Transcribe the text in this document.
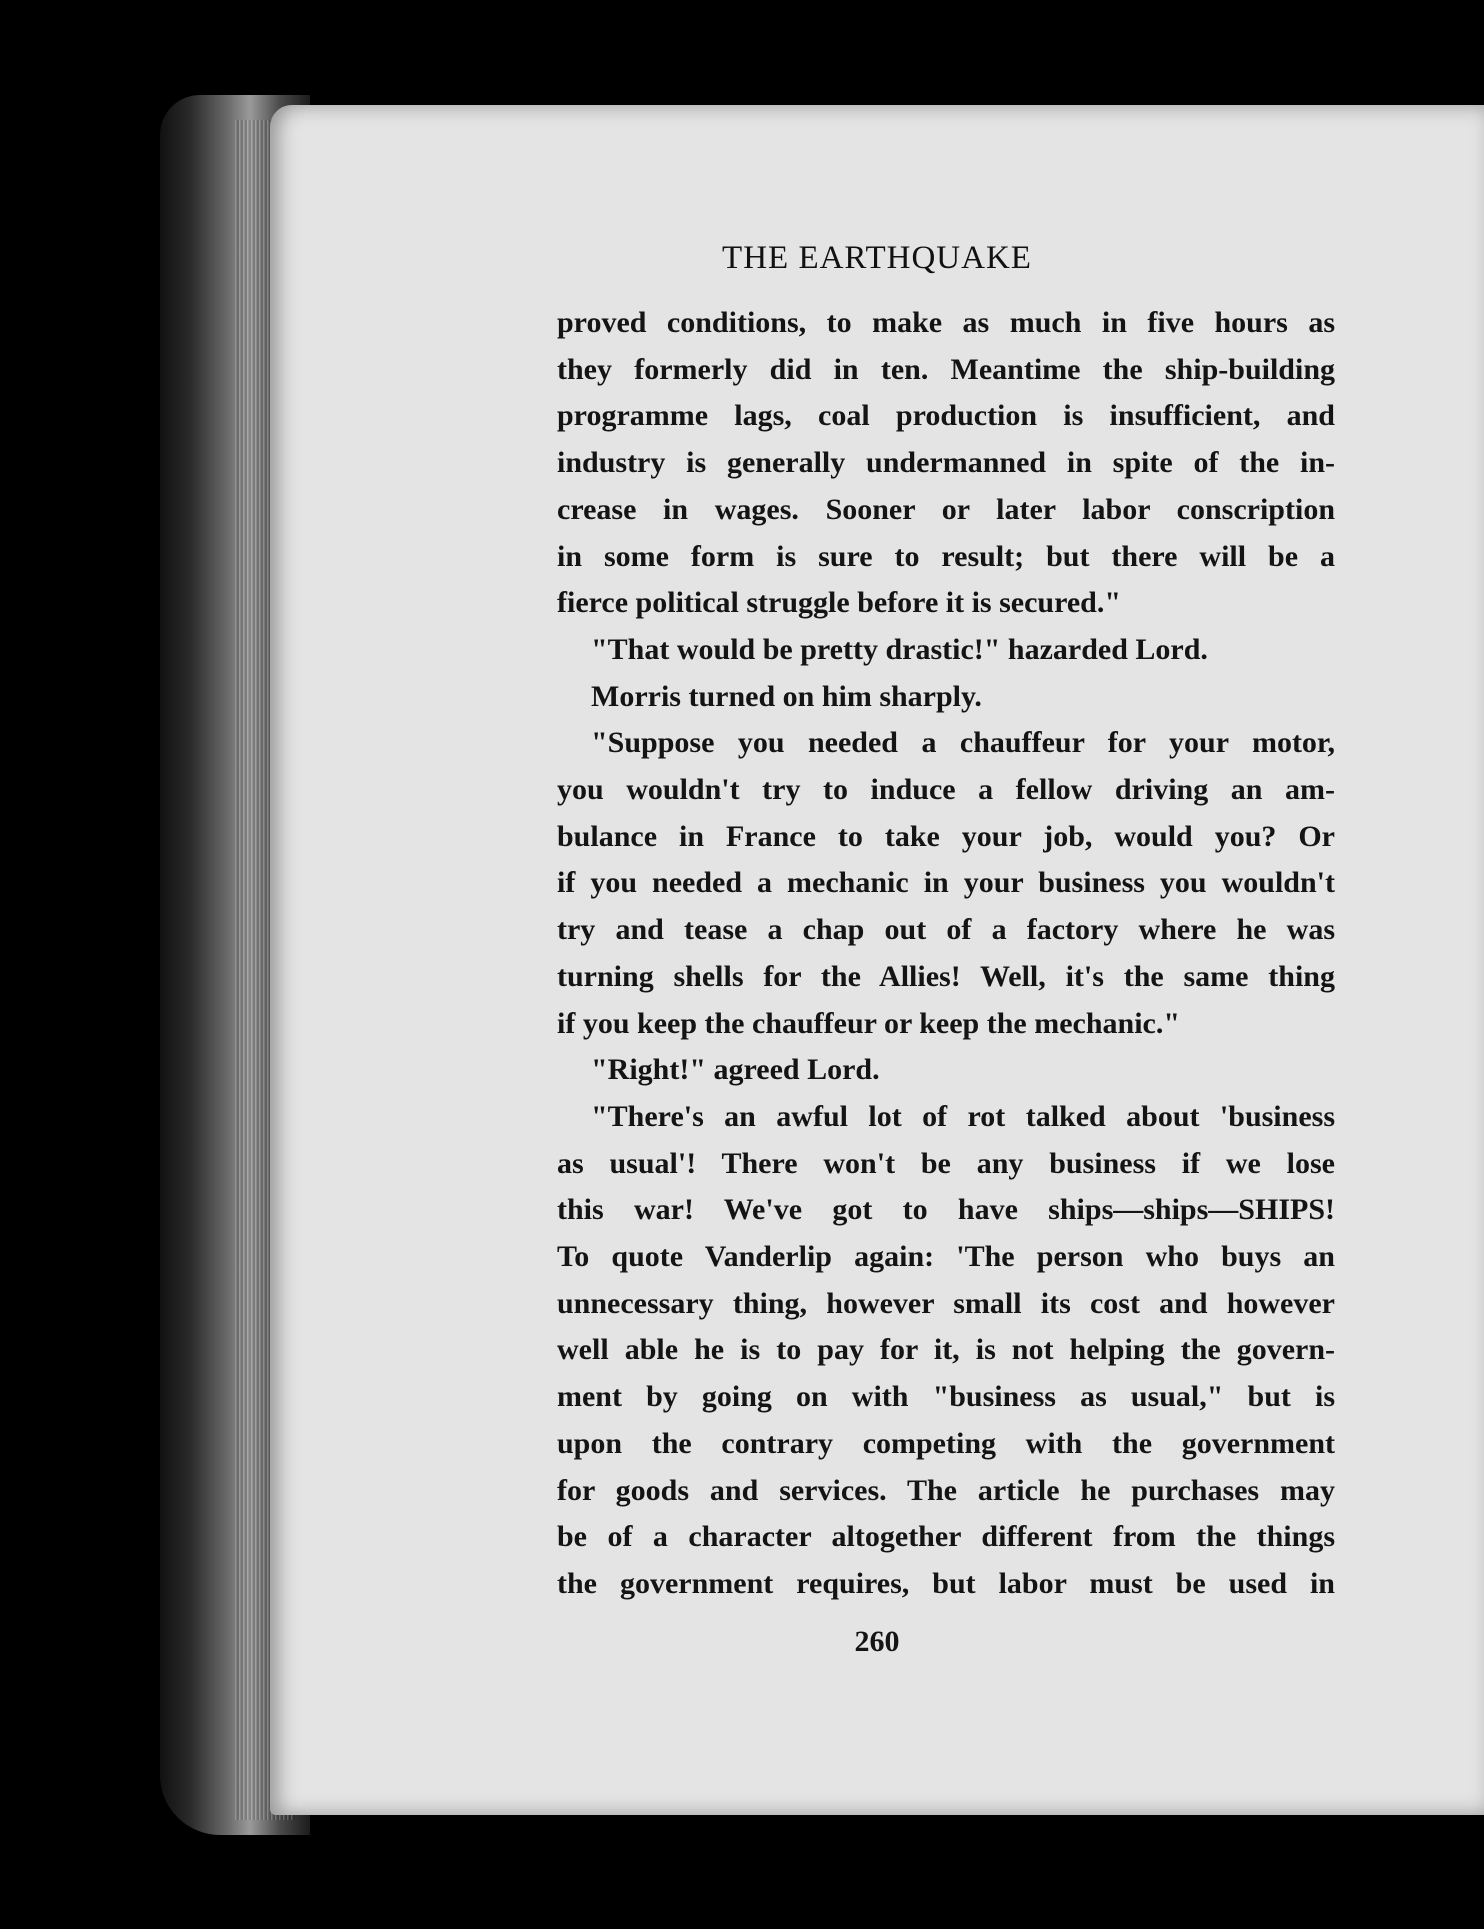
THE EARTHQUAKE
proved conditions, to make as much in five hours as
they formerly did in ten. Meantime the ship-building
programme lags, coal production is insufficient, and
industry is generally undermanned in spite of the in-
crease in wages. Sooner or later labor conscription
in some form is sure to result; but there will be a
fierce political struggle before it is secured."
"That would be pretty drastic!" hazarded Lord.
Morris turned on him sharply.
"Suppose you needed a chauffeur for your motor,
you wouldn't try to induce a fellow driving an am-
bulance in France to take your job, would you? Or
if you needed a mechanic in your business you wouldn't
try and tease a chap out of a factory where he was
turning shells for the Allies! Well, it's the same thing
if you keep the chauffeur or keep the mechanic."
"Right!" agreed Lord.
"There's an awful lot of rot talked about 'business
as usual'! There won't be any business if we lose
this war! We've got to have ships—ships—SHIPS!
To quote Vanderlip again: 'The person who buys an
unnecessary thing, however small its cost and however
well able he is to pay for it, is not helping the govern-
ment by going on with "business as usual," but is
upon the contrary competing with the government
for goods and services. The article he purchases may
be of a character altogether different from the things
the government requires, but labor must be used in
260
